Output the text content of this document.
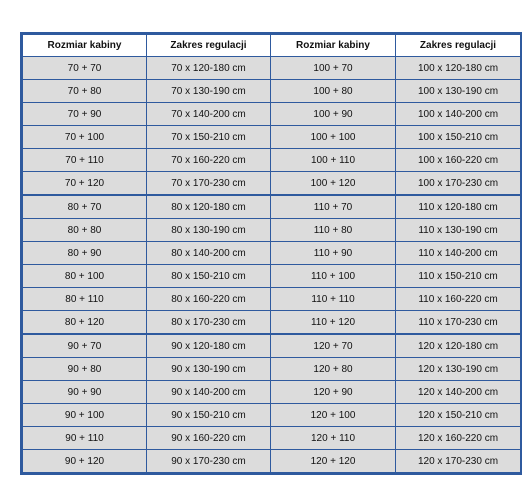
Rozmiar kabiny	Zakres regulacji	Rozmiar kabiny	Zakres regulacji
70 + 70	70 x 120-180 cm	100 + 70	100 x 120-180 cm
70 + 80	70 x 130-190 cm	100 + 80	100 x 130-190 cm
70 + 90	70 x 140-200 cm	100 + 90	100 x 140-200 cm
70 + 100	70 x 150-210 cm	100 + 100	100 x 150-210 cm
70 + 110	70 x 160-220 cm	100 + 110	100 x 160-220 cm
70 + 120	70 x 170-230 cm	100 + 120	100 x 170-230 cm
80 + 70	80 x 120-180 cm	110 + 70	110 x 120-180 cm
80 + 80	80 x 130-190 cm	110 + 80	110 x 130-190 cm
80 + 90	80 x 140-200 cm	110 + 90	110 x 140-200 cm
80 + 100	80 x 150-210 cm	110 + 100	110 x 150-210 cm
80 + 110	80 x 160-220 cm	110 + 110	110 x 160-220 cm
80 + 120	80 x 170-230 cm	110 + 120	110 x 170-230 cm
90 + 70	90 x 120-180 cm	120 + 70	120 x 120-180 cm
90 + 80	90 x 130-190 cm	120 + 80	120 x 130-190 cm
90 + 90	90 x 140-200 cm	120 + 90	120 x 140-200 cm
90 + 100	90 x 150-210 cm	120 + 100	120 x 150-210 cm
90 + 110	90 x 160-220 cm	120 + 110	120 x 160-220 cm
90 + 120	90 x 170-230 cm	120 + 120	120 x 170-230 cm
